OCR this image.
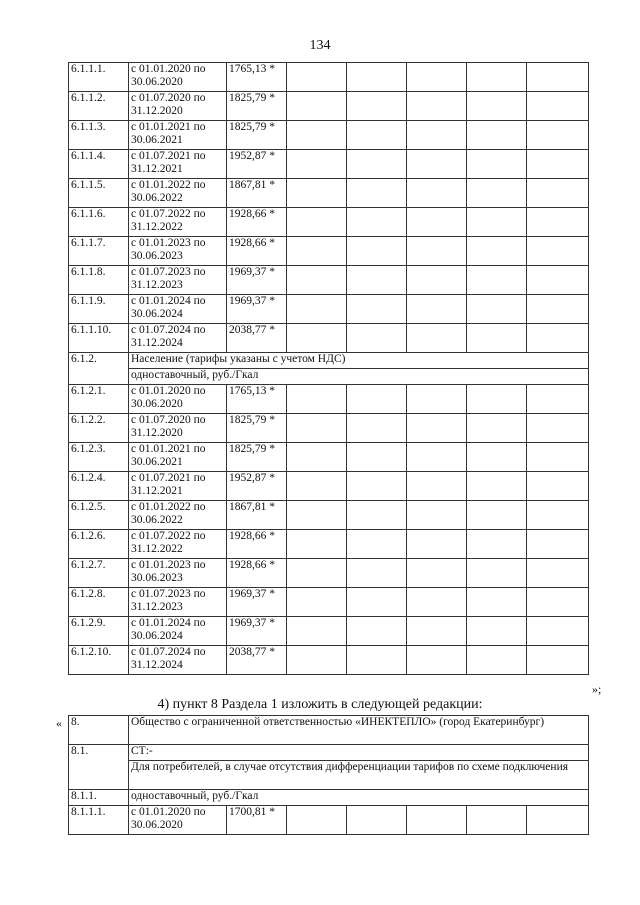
134
6.1.1.1.	с 01.01.2020 по 30.06.2020	1765,13 *					
6.1.1.2.	с 01.07.2020 по 31.12.2020	1825,79 *					
6.1.1.3.	с 01.01.2021 по 30.06.2021	1825,79 *					
6.1.1.4.	с 01.07.2021 по 31.12.2021	1952,87 *					
6.1.1.5.	с 01.01.2022 по 30.06.2022	1867,81 *					
6.1.1.6.	с 01.07.2022 по 31.12.2022	1928,66 *					
6.1.1.7.	с 01.01.2023 по 30.06.2023	1928,66 *					
6.1.1.8.	с 01.07.2023 по 31.12.2023	1969,37 *					
6.1.1.9.	с 01.01.2024 по 30.06.2024	1969,37 *					
6.1.1.10.	с 01.07.2024 по 31.12.2024	2038,77 *					
6.1.2.	Население (тарифы указаны с учетом НДС)						
	одноставочный, руб./Гкал						
6.1.2.1.	с 01.01.2020 по 30.06.2020	1765,13 *					
6.1.2.2.	с 01.07.2020 по 31.12.2020	1825,79 *					
6.1.2.3.	с 01.01.2021 по 30.06.2021	1825,79 *					
6.1.2.4.	с 01.07.2021 по 31.12.2021	1952,87 *					
6.1.2.5.	с 01.01.2022 по 30.06.2022	1867,81 *					
6.1.2.6.	с 01.07.2022 по 31.12.2022	1928,66 *					
6.1.2.7.	с 01.01.2023 по 30.06.2023	1928,66 *					
6.1.2.8.	с 01.07.2023 по 31.12.2023	1969,37 *					
6.1.2.9.	с 01.01.2024 по 30.06.2024	1969,37 *					
6.1.2.10.	с 01.07.2024 по 31.12.2024	2038,77 *					
»;
4) пункт 8 Раздела 1 изложить в следующей редакции:
« 8.	Общество с ограниченной ответственностью «ИНЕКТЕПЛО» (город Екатеринбург)						
8.1.	СТ:-						
	Для потребителей, в случае отсутствия дифференциации тарифов по схеме подключения						
8.1.1.	одноставочный, руб./Гкал						
8.1.1.1.	с 01.01.2020 по 30.06.2020	1700,81 *					
